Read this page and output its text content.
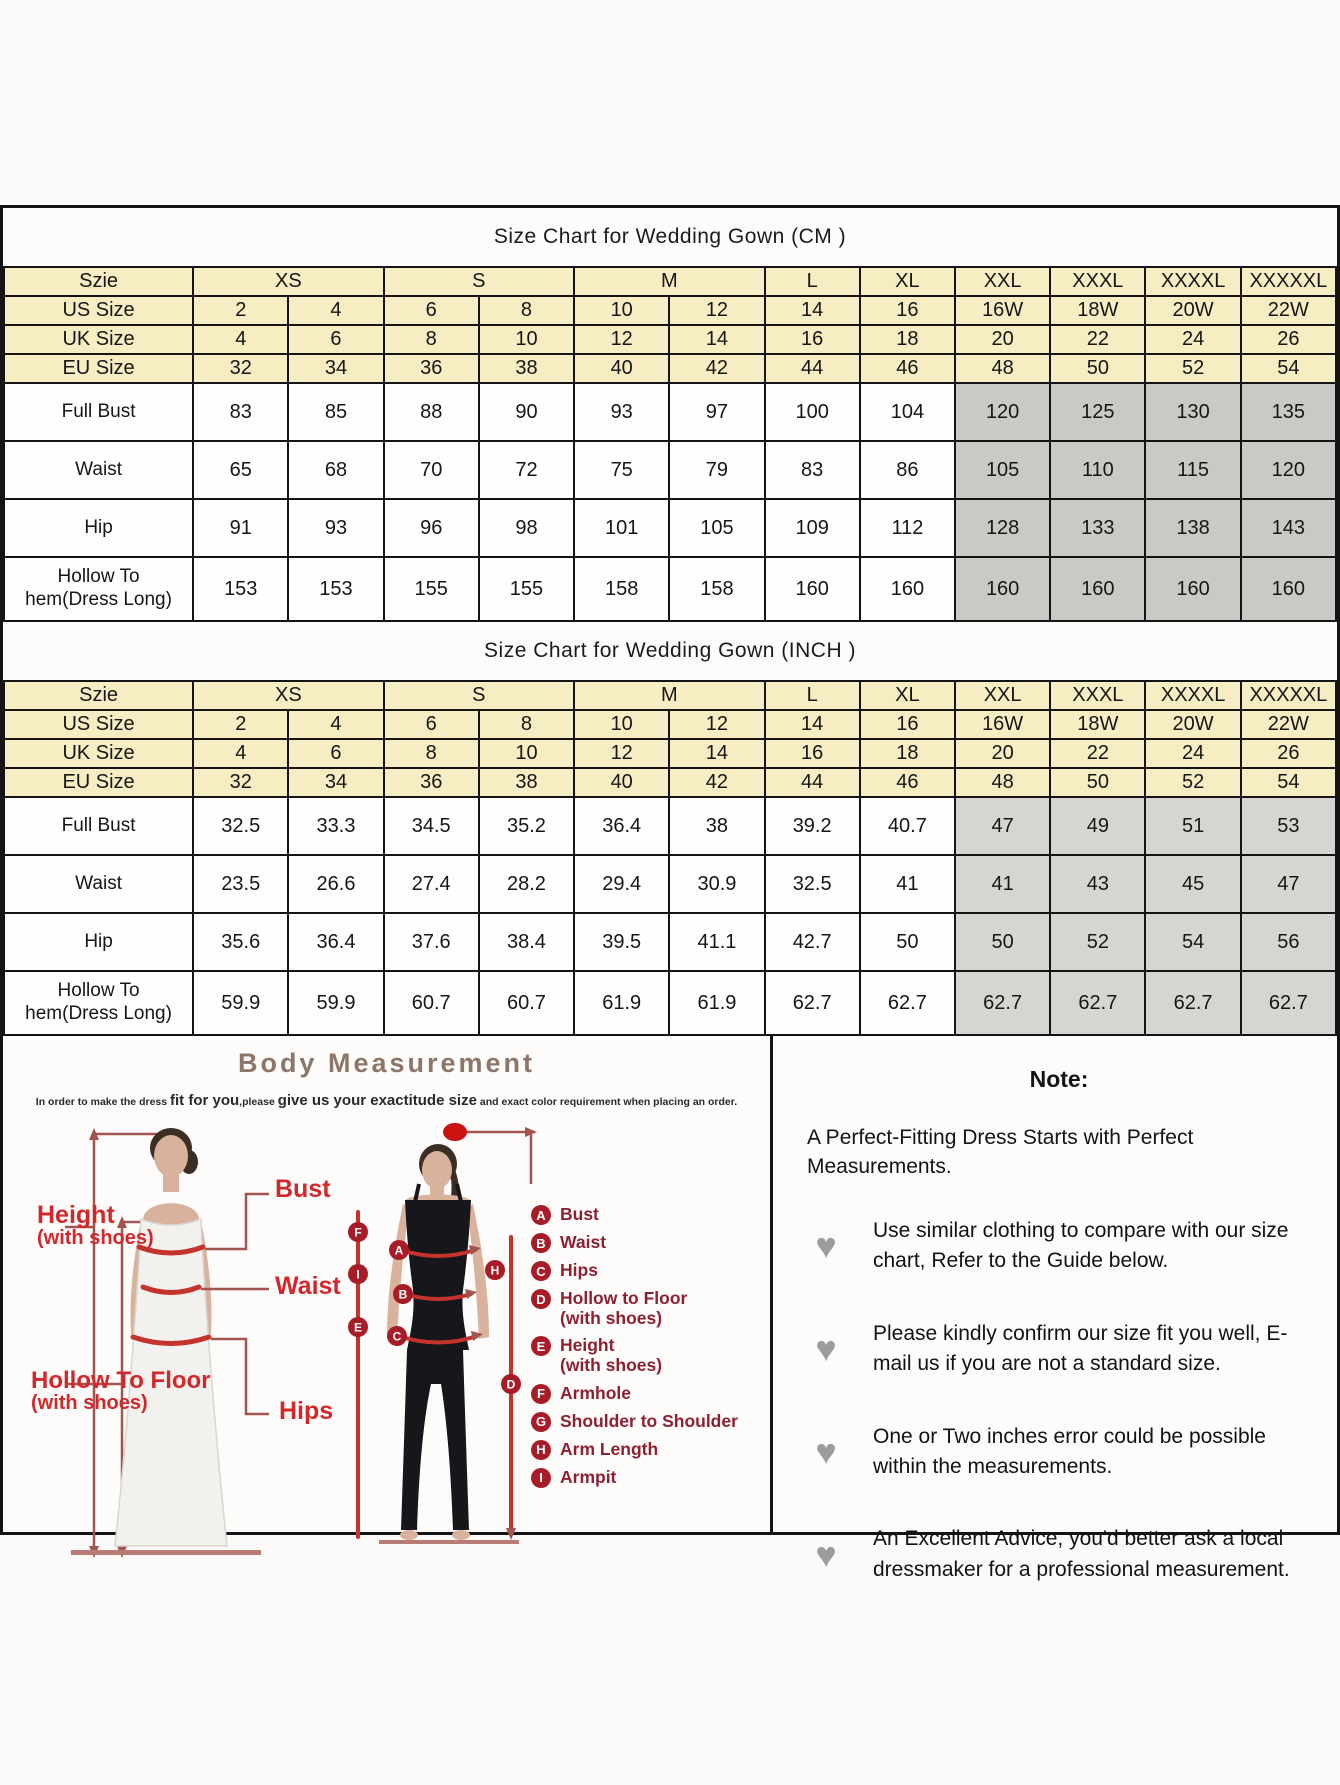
Size Chart for Wedding Gown (CM )
Szie	XS		S		M		L	XL	XXL	XXXL	XXXXL	XXXXXL
US Size	2	4	6	8	10	12	14	16	16W	18W	20W	22W
UK Size	4	6	8	10	12	14	16	18	20	22	24	26
EU Size	32	34	36	38	40	42	44	46	48	50	52	54

Full Bust	83	85	88	90	93	97	100	104	120	125	130	135

Waist	65	68	70	72	75	79	83	86	105	110	115	120

Hip	91	93	96	98	101	105	109	112	128	133	138	143

Hollow To
hem(Dress Long)	153	153	155	155	158	158	160	160	160	160	160	160
Size Chart for Wedding Gown (INCH )
Szie	XS		S		M		L	XL	XXL	XXXL	XXXXL	XXXXXL
US Size	2	4	6	8	10	12	14	16	16W	18W	20W	22W
UK Size	4	6	8	10	12	14	16	18	20	22	24	26
EU Size	32	34	36	38	40	42	44	46	48	50	52	54

Full Bust	32.5	33.3	34.5	35.2	36.4	38	39.2	40.7	47	49	51	53

Waist	23.5	26.6	27.4	28.2	29.4	30.9	32.5	41	41	43	45	47

Hip	35.6	36.4	37.6	38.4	39.5	41.1	42.7	50	50	52	54	56

Hollow To
hem(Dress Long)	59.9	59.9	60.7	60.7	61.9	61.9	62.7	62.7	62.7	62.7	62.7	62.7
Body Measurement
In order to make the dress fit for you,please give us your exactitude size and exact color requirement when placing an order.
A
B
C
F
I
E
H
D
Height
(with shoes)
Bust
Waist
Hips
Hollow To Floor
(with shoes)
A Bust
B Waist
C Hips
D Hollow to Floor
(with shoes)
E Height
(with shoes)
F Armhole
G Shoulder to Shoulder
H Arm Length
I Armpit
Note:
A Perfect-Fitting Dress Starts with Perfect Measurements.
♥	Use similar clothing to compare with our size chart, Refer to the Guide below.
♥	Please kindly confirm our size fit you well, E-mail us if you are not a standard size.
♥	One or Two inches error could be possible within the measurements.
♥	An Excellent Advice, you'd better ask a local dressmaker for a professional measurement.
